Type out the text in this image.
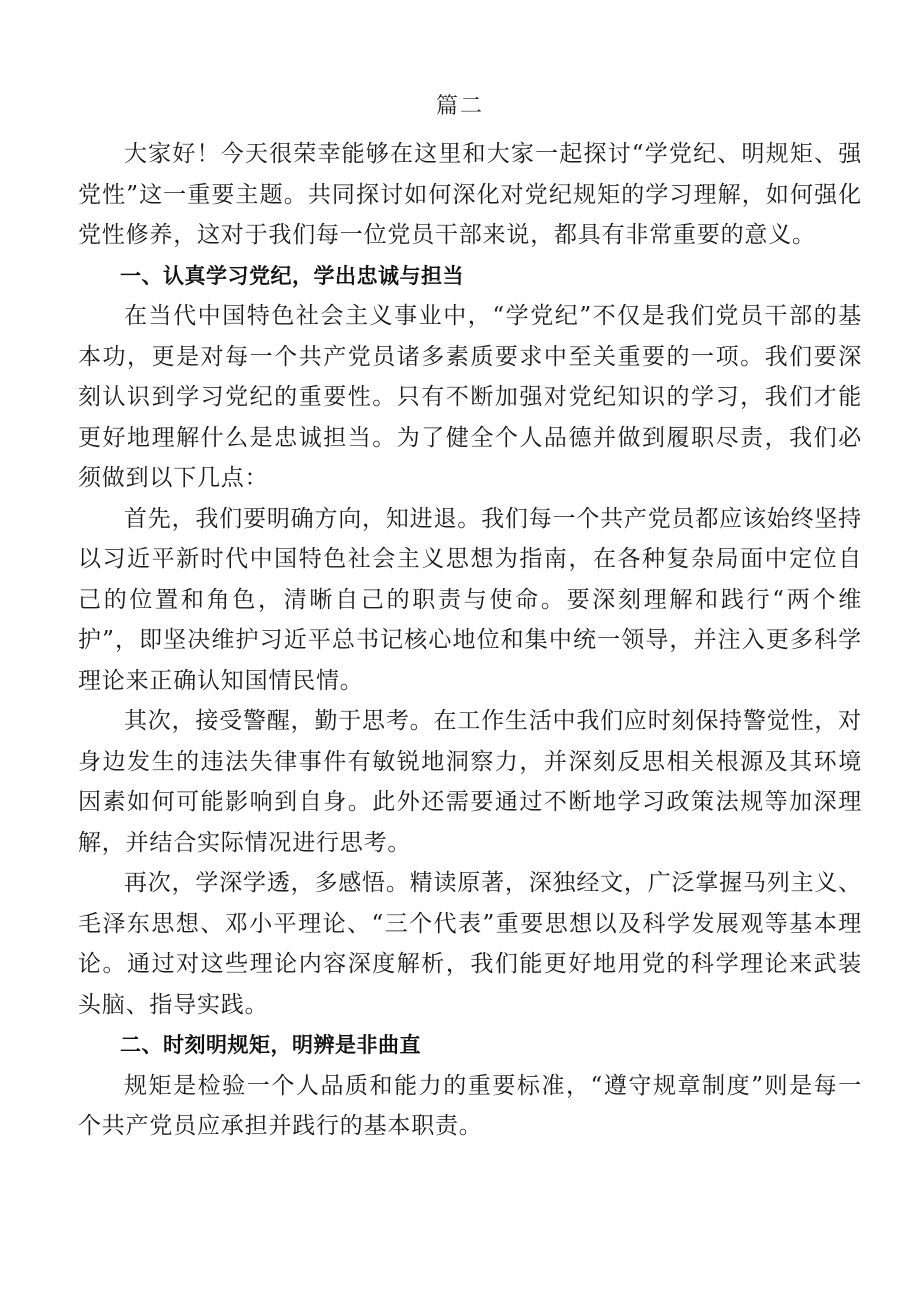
篇二

大家好！今天很荣幸能够在这里和大家一起探讨“学党纪、明规矩、强党性”这一重要主题。共同探讨如何深化对党纪规矩的学习理解，如何强化党性修养，这对于我们每一位党员干部来说，都具有非常重要的意义。

一、认真学习党纪，学出忠诚与担当

在当代中国特色社会主义事业中，“学党纪”不仅是我们党员干部的基本功，更是对每一个共产党员诸多素质要求中至关重要的一项。我们要深刻认识到学习党纪的重要性。只有不断加强对党纪知识的学习，我们才能更好地理解什么是忠诚担当。为了健全个人品德并做到履职尽责，我们必须做到以下几点：

首先，我们要明确方向，知进退。我们每一个共产党员都应该始终坚持以习近平新时代中国特色社会主义思想为指南，在各种复杂局面中定位自己的位置和角色，清晰自己的职责与使命。要深刻理解和践行“两个维护”，即坚决维护习近平总书记核心地位和集中统一领导，并注入更多科学理论来正确认知国情民情。

其次，接受警醒，勤于思考。在工作生活中我们应时刻保持警觉性，对身边发生的违法失律事件有敏锐地洞察力，并深刻反思相关根源及其环境因素如何可能影响到自身。此外还需要通过不断地学习政策法规等加深理解，并结合实际情况进行思考。

再次，学深学透，多感悟。精读原著，深独经文，广泛掌握马列主义、毛泽东思想、邓小平理论、“三个代表”重要思想以及科学发展观等基本理论。通过对这些理论内容深度解析，我们能更好地用党的科学理论来武装头脑、指导实践。

二、时刻明规矩，明辨是非曲直

规矩是检验一个人品质和能力的重要标准，“遵守规章制度”则是每一个共产党员应承担并践行的基本职责。
